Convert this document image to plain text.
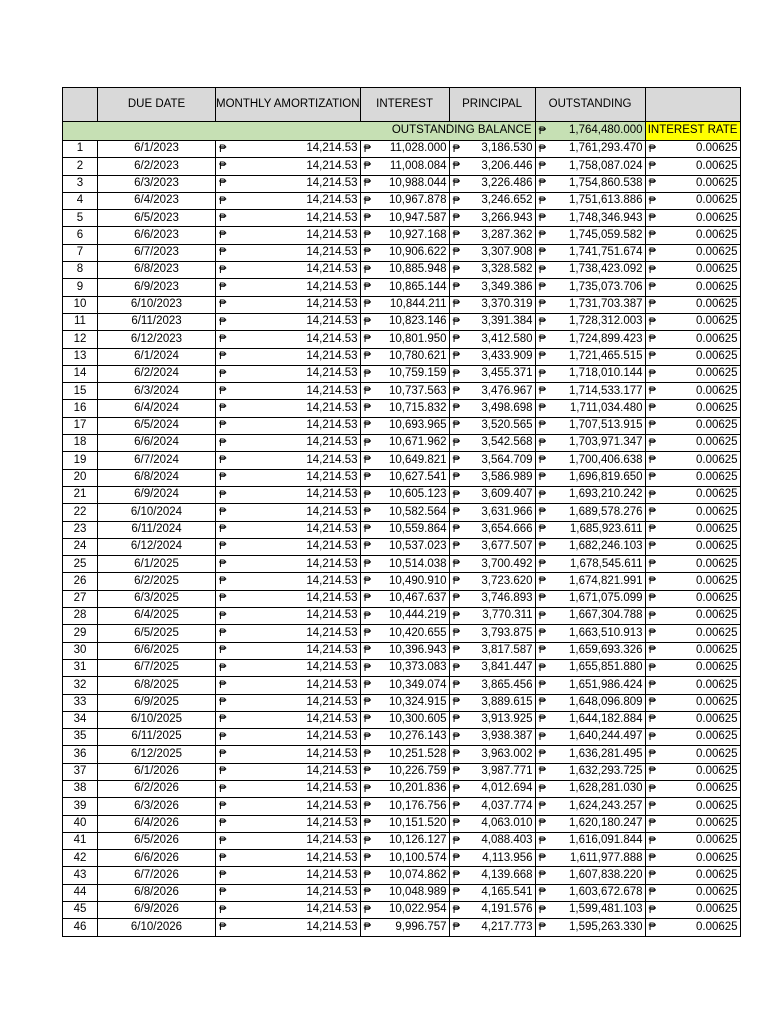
	DUE DATE	MONTHLY AMORTIZATION	INTEREST	PRINCIPAL	OUTSTANDING	
OUTSTANDING BALANCE					₱ 1,764,480.000	INTEREST RATE
1	6/1/2023	₱ 14,214.53	₱ 11,028.000	₱ 3,186.530	₱ 1,761,293.470	₱ 0.00625

2	6/2/2023	₱ 14,214.53	₱ 11,008.084	₱ 3,206.446	₱ 1,758,087.024	₱ 0.00625

3	6/3/2023	₱ 14,214.53	₱ 10,988.044	₱ 3,226.486	₱ 1,754,860.538	₱ 0.00625

4	6/4/2023	₱ 14,214.53	₱ 10,967.878	₱ 3,246.652	₱ 1,751,613.886	₱ 0.00625

5	6/5/2023	₱ 14,214.53	₱ 10,947.587	₱ 3,266.943	₱ 1,748,346.943	₱ 0.00625

6	6/6/2023	₱ 14,214.53	₱ 10,927.168	₱ 3,287.362	₱ 1,745,059.582	₱ 0.00625

7	6/7/2023	₱ 14,214.53	₱ 10,906.622	₱ 3,307.908	₱ 1,741,751.674	₱ 0.00625

8	6/8/2023	₱ 14,214.53	₱ 10,885.948	₱ 3,328.582	₱ 1,738,423.092	₱ 0.00625

9	6/9/2023	₱ 14,214.53	₱ 10,865.144	₱ 3,349.386	₱ 1,735,073.706	₱ 0.00625

10	6/10/2023	₱ 14,214.53	₱ 10,844.211	₱ 3,370.319	₱ 1,731,703.387	₱ 0.00625

11	6/11/2023	₱ 14,214.53	₱ 10,823.146	₱ 3,391.384	₱ 1,728,312.003	₱ 0.00625

12	6/12/2023	₱ 14,214.53	₱ 10,801.950	₱ 3,412.580	₱ 1,724,899.423	₱ 0.00625

13	6/1/2024	₱ 14,214.53	₱ 10,780.621	₱ 3,433.909	₱ 1,721,465.515	₱ 0.00625

14	6/2/2024	₱ 14,214.53	₱ 10,759.159	₱ 3,455.371	₱ 1,718,010.144	₱ 0.00625

15	6/3/2024	₱ 14,214.53	₱ 10,737.563	₱ 3,476.967	₱ 1,714,533.177	₱ 0.00625

16	6/4/2024	₱ 14,214.53	₱ 10,715.832	₱ 3,498.698	₱ 1,711,034.480	₱ 0.00625

17	6/5/2024	₱ 14,214.53	₱ 10,693.965	₱ 3,520.565	₱ 1,707,513.915	₱ 0.00625

18	6/6/2024	₱ 14,214.53	₱ 10,671.962	₱ 3,542.568	₱ 1,703,971.347	₱ 0.00625

19	6/7/2024	₱ 14,214.53	₱ 10,649.821	₱ 3,564.709	₱ 1,700,406.638	₱ 0.00625

20	6/8/2024	₱ 14,214.53	₱ 10,627.541	₱ 3,586.989	₱ 1,696,819.650	₱ 0.00625

21	6/9/2024	₱ 14,214.53	₱ 10,605.123	₱ 3,609.407	₱ 1,693,210.242	₱ 0.00625

22	6/10/2024	₱ 14,214.53	₱ 10,582.564	₱ 3,631.966	₱ 1,689,578.276	₱ 0.00625

23	6/11/2024	₱ 14,214.53	₱ 10,559.864	₱ 3,654.666	₱ 1,685,923.611	₱ 0.00625

24	6/12/2024	₱ 14,214.53	₱ 10,537.023	₱ 3,677.507	₱ 1,682,246.103	₱ 0.00625

25	6/1/2025	₱ 14,214.53	₱ 10,514.038	₱ 3,700.492	₱ 1,678,545.611	₱ 0.00625

26	6/2/2025	₱ 14,214.53	₱ 10,490.910	₱ 3,723.620	₱ 1,674,821.991	₱ 0.00625

27	6/3/2025	₱ 14,214.53	₱ 10,467.637	₱ 3,746.893	₱ 1,671,075.099	₱ 0.00625

28	6/4/2025	₱ 14,214.53	₱ 10,444.219	₱ 3,770.311	₱ 1,667,304.788	₱ 0.00625

29	6/5/2025	₱ 14,214.53	₱ 10,420.655	₱ 3,793.875	₱ 1,663,510.913	₱ 0.00625

30	6/6/2025	₱ 14,214.53	₱ 10,396.943	₱ 3,817.587	₱ 1,659,693.326	₱ 0.00625

31	6/7/2025	₱ 14,214.53	₱ 10,373.083	₱ 3,841.447	₱ 1,655,851.880	₱ 0.00625

32	6/8/2025	₱ 14,214.53	₱ 10,349.074	₱ 3,865.456	₱ 1,651,986.424	₱ 0.00625

33	6/9/2025	₱ 14,214.53	₱ 10,324.915	₱ 3,889.615	₱ 1,648,096.809	₱ 0.00625

34	6/10/2025	₱ 14,214.53	₱ 10,300.605	₱ 3,913.925	₱ 1,644,182.884	₱ 0.00625

35	6/11/2025	₱ 14,214.53	₱ 10,276.143	₱ 3,938.387	₱ 1,640,244.497	₱ 0.00625

36	6/12/2025	₱ 14,214.53	₱ 10,251.528	₱ 3,963.002	₱ 1,636,281.495	₱ 0.00625

37	6/1/2026	₱ 14,214.53	₱ 10,226.759	₱ 3,987.771	₱ 1,632,293.725	₱ 0.00625

38	6/2/2026	₱ 14,214.53	₱ 10,201.836	₱ 4,012.694	₱ 1,628,281.030	₱ 0.00625

39	6/3/2026	₱ 14,214.53	₱ 10,176.756	₱ 4,037.774	₱ 1,624,243.257	₱ 0.00625

40	6/4/2026	₱ 14,214.53	₱ 10,151.520	₱ 4,063.010	₱ 1,620,180.247	₱ 0.00625

41	6/5/2026	₱ 14,214.53	₱ 10,126.127	₱ 4,088.403	₱ 1,616,091.844	₱ 0.00625

42	6/6/2026	₱ 14,214.53	₱ 10,100.574	₱ 4,113.956	₱ 1,611,977.888	₱ 0.00625

43	6/7/2026	₱ 14,214.53	₱ 10,074.862	₱ 4,139.668	₱ 1,607,838.220	₱ 0.00625

44	6/8/2026	₱ 14,214.53	₱ 10,048.989	₱ 4,165.541	₱ 1,603,672.678	₱ 0.00625

45	6/9/2026	₱ 14,214.53	₱ 10,022.954	₱ 4,191.576	₱ 1,599,481.103	₱ 0.00625

46	6/10/2026	₱ 14,214.53	₱ 9,996.757	₱ 4,217.773	₱ 1,595,263.330	₱ 0.00625
